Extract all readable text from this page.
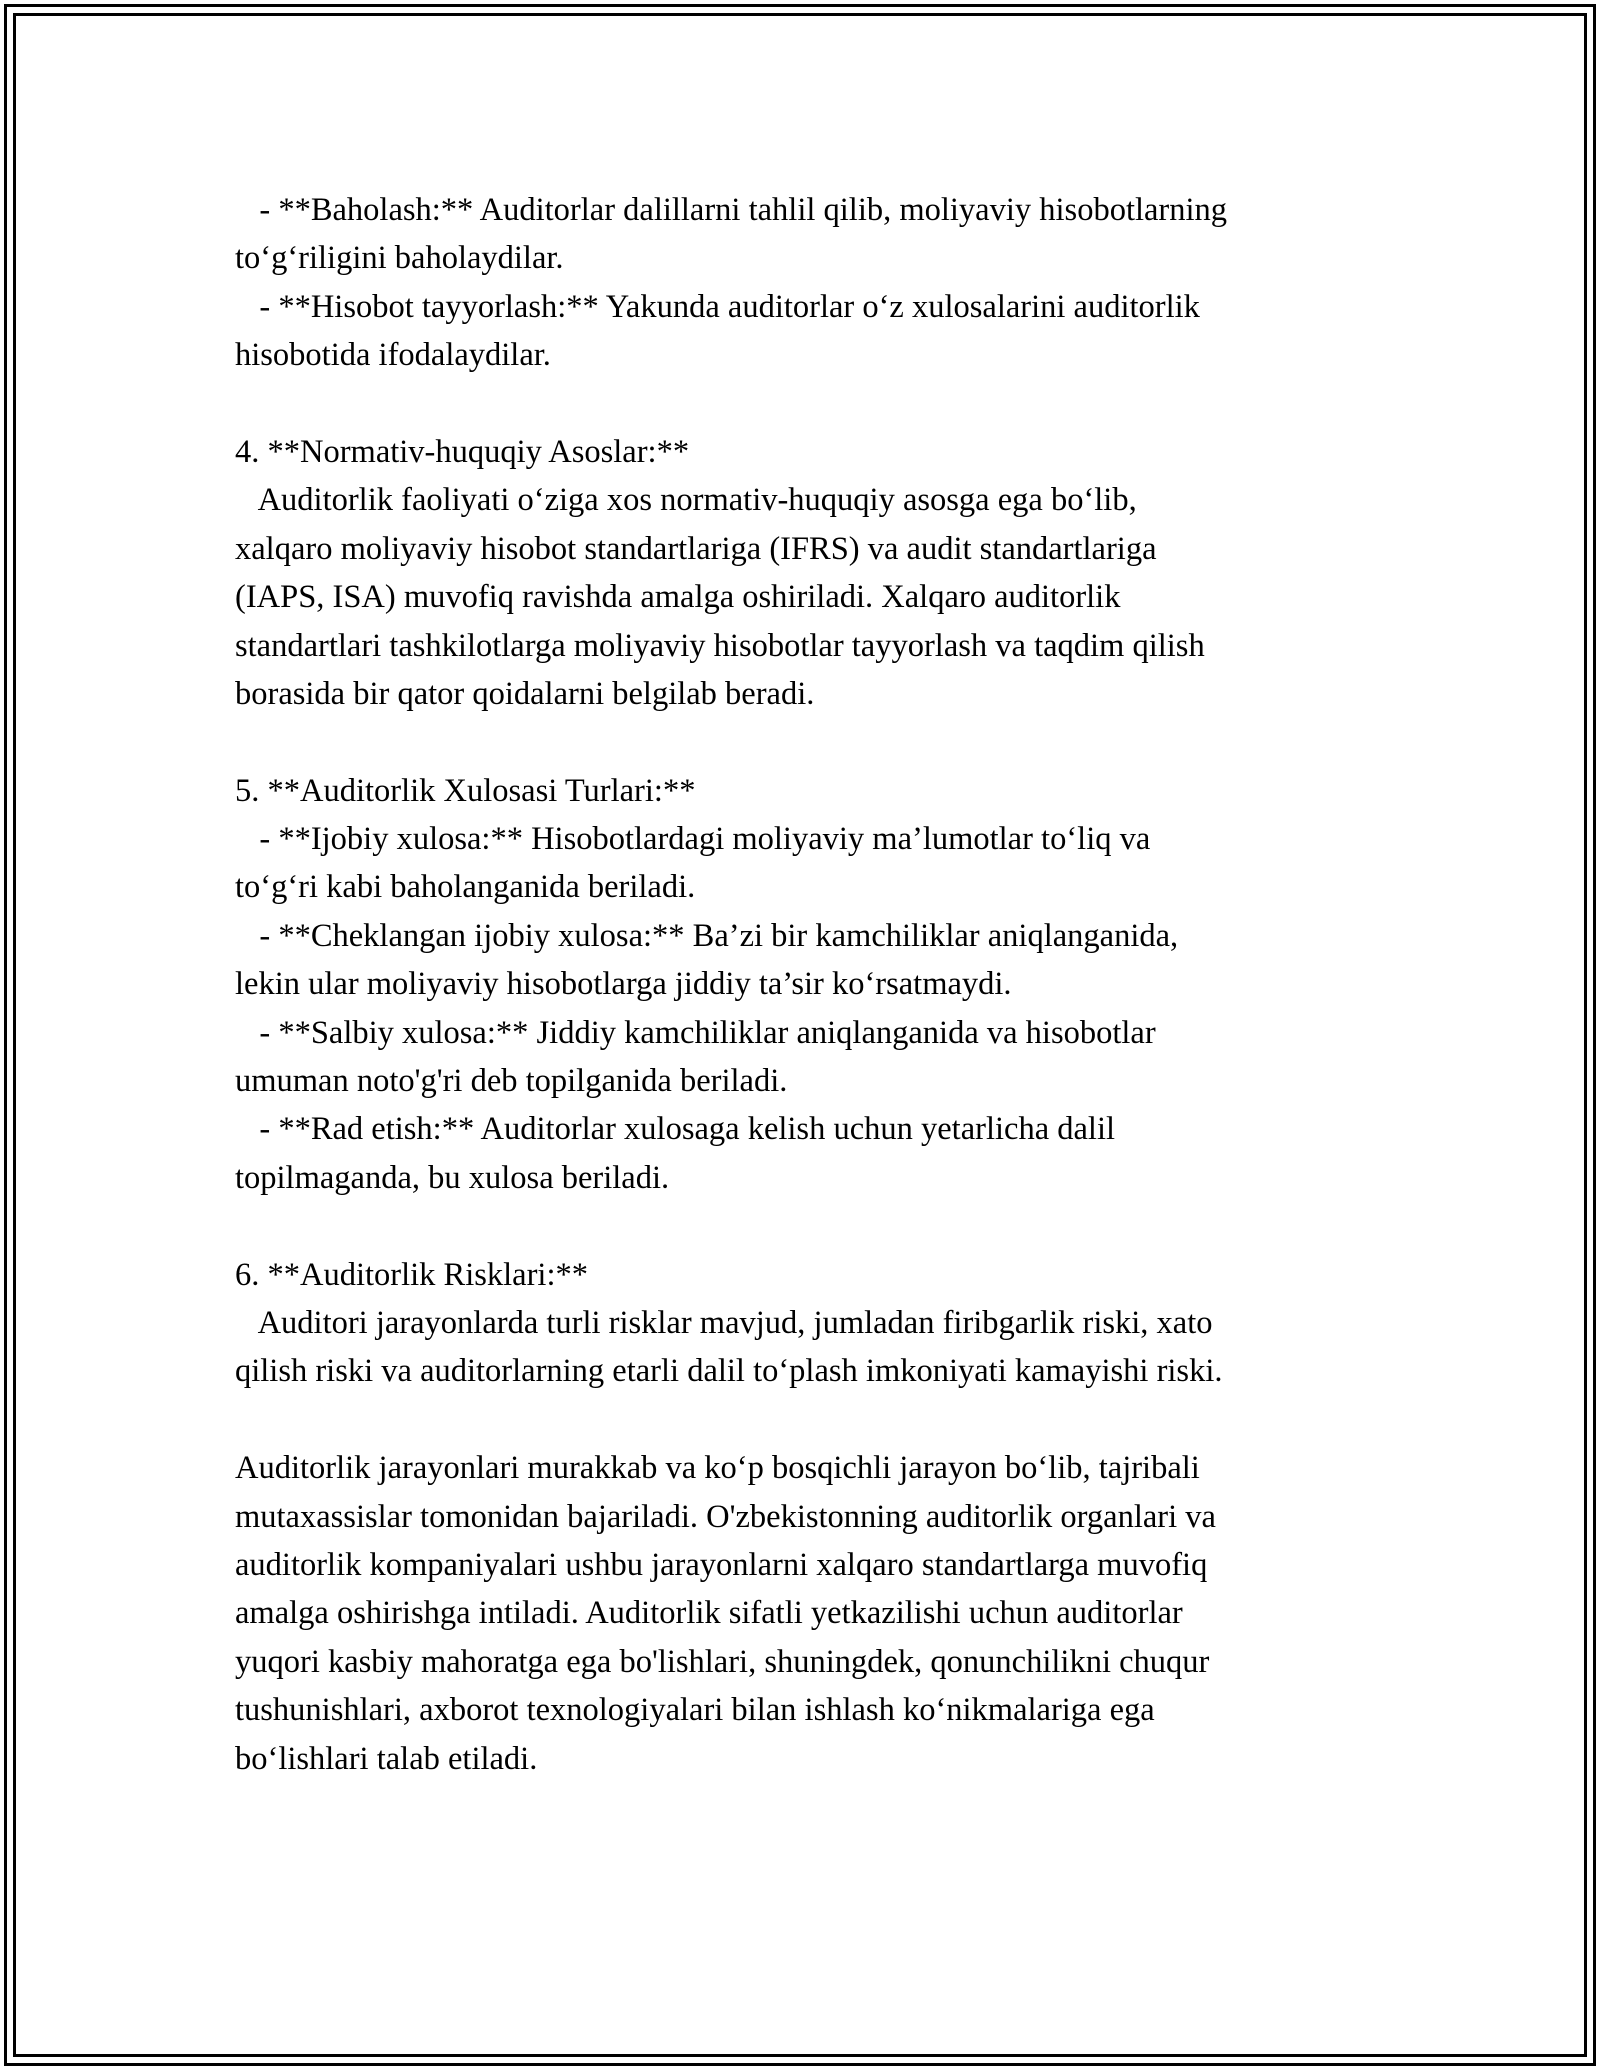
- **Baholash:** Auditorlar dalillarni tahlil qilib, moliyaviy hisobotlarning
to‘g‘riligini baholaydilar.
- **Hisobot tayyorlash:** Yakunda auditorlar o‘z xulosalarini auditorlik
hisobotida ifodalaydilar.
4. **Normativ-huquqiy Asoslar:**
Auditorlik faoliyati o‘ziga xos normativ-huquqiy asosga ega bo‘lib,
xalqaro moliyaviy hisobot standartlariga (IFRS) va audit standartlariga
(IAPS, ISA) muvofiq ravishda amalga oshiriladi. Xalqaro auditorlik
standartlari tashkilotlarga moliyaviy hisobotlar tayyorlash va taqdim qilish
borasida bir qator qoidalarni belgilab beradi.
5. **Auditorlik Xulosasi Turlari:**
- **Ijobiy xulosa:** Hisobotlardagi moliyaviy ma’lumotlar to‘liq va
to‘g‘ri kabi baholanganida beriladi.
- **Cheklangan ijobiy xulosa:** Ba’zi bir kamchiliklar aniqlanganida,
lekin ular moliyaviy hisobotlarga jiddiy ta’sir ko‘rsatmaydi.
- **Salbiy xulosa:** Jiddiy kamchiliklar aniqlanganida va hisobotlar
umuman noto'g'ri deb topilganida beriladi.
- **Rad etish:** Auditorlar xulosaga kelish uchun yetarlicha dalil
topilmaganda, bu xulosa beriladi.
6. **Auditorlik Risklari:**
Auditori jarayonlarda turli risklar mavjud, jumladan firibgarlik riski, xato
qilish riski va auditorlarning etarli dalil to‘plash imkoniyati kamayishi riski.
Auditorlik jarayonlari murakkab va ko‘p bosqichli jarayon bo‘lib, tajribali
mutaxassislar tomonidan bajariladi. O'zbekistonning auditorlik organlari va
auditorlik kompaniyalari ushbu jarayonlarni xalqaro standartlarga muvofiq
amalga oshirishga intiladi. Auditorlik sifatli yetkazilishi uchun auditorlar
yuqori kasbiy mahoratga ega bo'lishlari, shuningdek, qonunchilikni chuqur
tushunishlari, axborot texnologiyalari bilan ishlash ko‘nikmalariga ega
bo‘lishlari talab etiladi.
